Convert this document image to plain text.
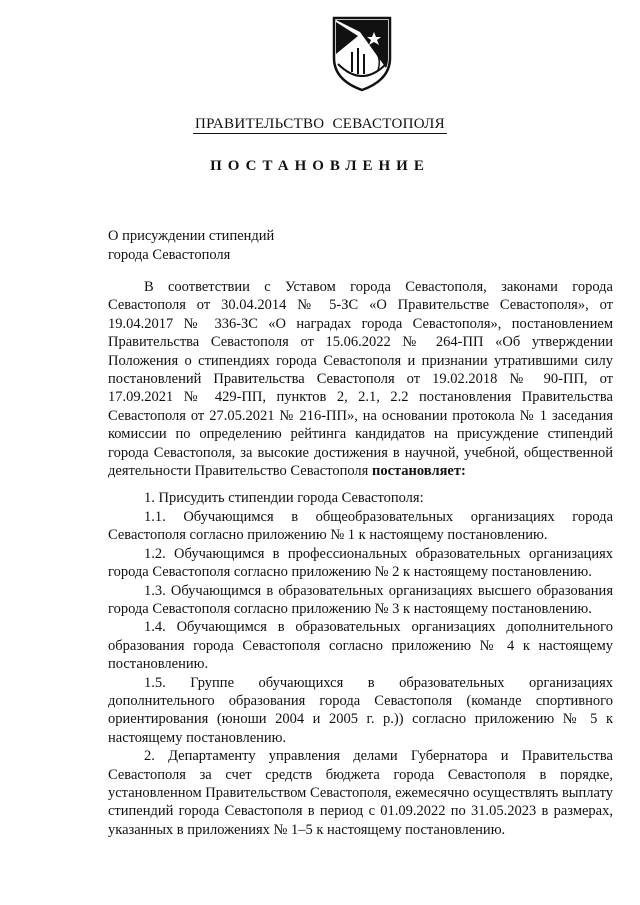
ПРАВИТЕЛЬСТВО СЕВАСТОПОЛЯ
ПОСТАНОВЛЕНИЕ
О присуждении стипендий
города Севастополя

В соответствии с Уставом города Севастополя, законами города Севастополя от 30.04.2014 № 5-ЗС «О Правительстве Севастополя», от 19.04.2017 № 336-ЗС «О наградах города Севастополя», постановлением Правительства Севастополя от 15.06.2022 № 264-ПП «Об утверждении Положения о стипендиях города Севастополя и признании утратившими силу постановлений Правительства Севастополя от 19.02.2018 № 90-ПП, от 17.09.2021 № 429-ПП, пунктов 2, 2.1, 2.2 постановления Правительства Севастополя от 27.05.2021 № 216-ПП», на основании протокола № 1 заседания комиссии по определению рейтинга кандидатов на присуждение стипендий города Севастополя, за высокие достижения в научной, учебной, общественной деятельности Правительство Севастополя постановляет:

1. Присудить стипендии города Севастополя:

1.1. Обучающимся в общеобразовательных организациях города Севастополя согласно приложению № 1 к настоящему постановлению.

1.2. Обучающимся в профессиональных образовательных организациях города Севастополя согласно приложению № 2 к настоящему постановлению.

1.3. Обучающимся в образовательных организациях высшего образования города Севастополя согласно приложению № 3 к настоящему постановлению.

1.4. Обучающимся в образовательных организациях дополнительного образования города Севастополя согласно приложению № 4 к настоящему постановлению.

1.5. Группе обучающихся в образовательных организациях дополнительного образования города Севастополя (команде спортивного ориентирования (юноши 2004 и 2005 г. р.)) согласно приложению № 5 к настоящему постановлению.

2. Департаменту управления делами Губернатора и Правительства Севастополя за счет средств бюджета города Севастополя в порядке, установленном Правительством Севастополя, ежемесячно осуществлять выплату стипендий города Севастополя в период с 01.09.2022 по 31.05.2023 в размерах, указанных в приложениях № 1–5 к настоящему постановлению.
